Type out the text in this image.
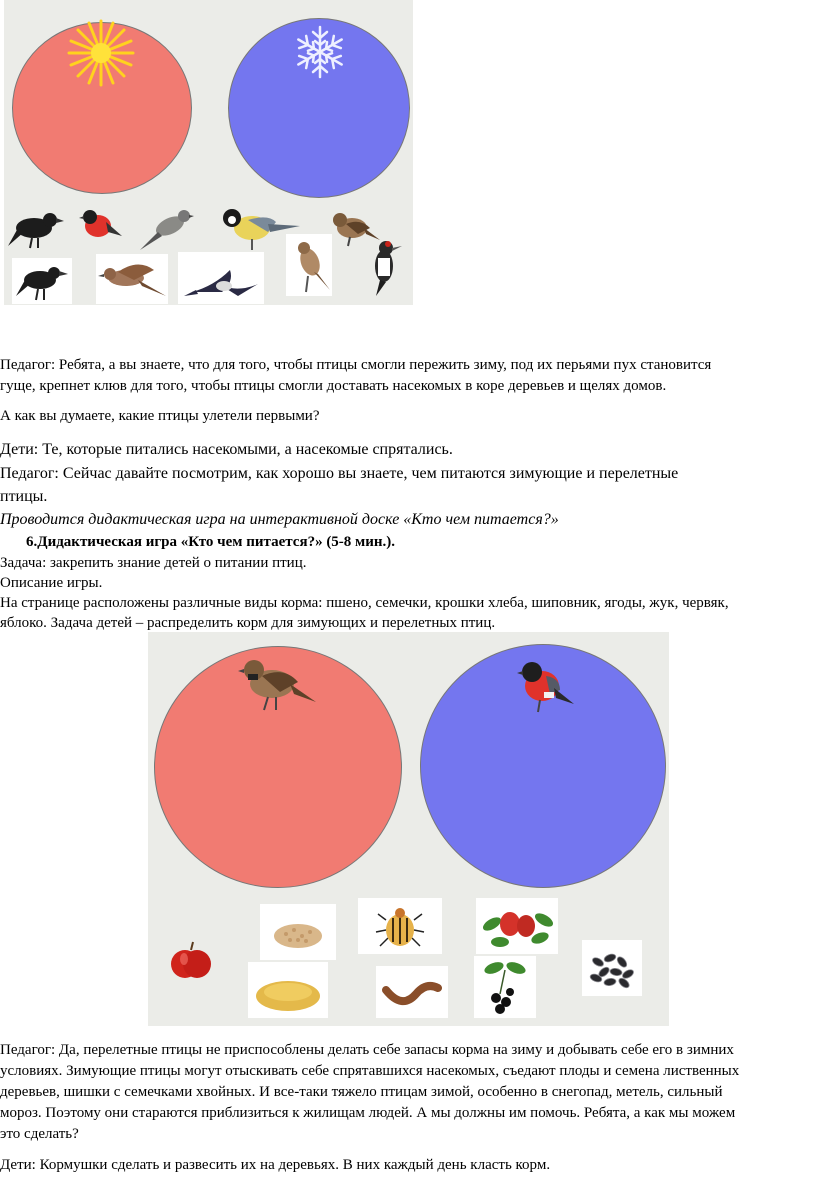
Педагог: Ребята, а вы знаете, что для того, чтобы птицы смогли пережить зиму, под их перьями пух становится
гуще, крепнет клюв для того, чтобы птицы смогли доставать насекомых в коре деревьев и щелях домов.
А как вы думаете, какие птицы улетели первыми?
Дети: Те, которые питались насекомыми, а насекомые спрятались.
Педагог: Сейчас давайте посмотрим, как хорошо вы знаете, чем питаются зимующие и перелетные
птицы.
Проводится дидактическая игра на интерактивной доске «Кто чем питается?»
6.Дидактическая игра «Кто чем питается?» (5-8 мин.).
Задача: закрепить знание детей о питании птиц.
Описание игры.
На странице расположены различные виды корма: пшено, семечки, крошки хлеба, шиповник, ягоды, жук, червяк,
яблоко. Задача детей – распределить корм для зимующих и перелетных птиц.
Педагог: Да, перелетные птицы не приспособлены делать себе запасы корма на зиму и добывать себе его в зимних
условиях. Зимующие птицы могут отыскивать себе спрятавшихся насекомых, съедают плоды и семена лиственных
деревьев, шишки с семечками хвойных. И все-таки тяжело птицам зимой, особенно в снегопад, метель, сильный
мороз. Поэтому они стараются приблизиться к жилищам людей. А мы должны им помочь. Ребята, а как мы можем
это сделать?
Дети: Кормушки сделать и развесить их на деревьях. В них каждый день класть корм.
